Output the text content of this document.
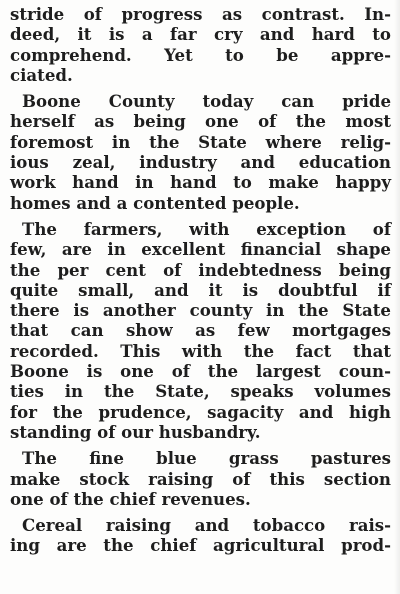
stride of progress as contrast. In-
deed, it is a far cry and hard to
comprehend. Yet to be appre-
ciated.

Boone County today can pride
herself as being one of the most
foremost in the State where relig-
ious zeal, industry and education
work hand in hand to make happy
homes and a contented people.

The farmers, with exception of
few, are in excellent financial shape
the per cent of indebtedness being
quite small, and it is doubtful if
there is another county in the State
that can show as few mortgages
recorded. This with the fact that
Boone is one of the largest coun-
ties in the State, speaks volumes
for the prudence, sagacity and high
standing of our husbandry.

The fine blue grass pastures
make stock raising of this section
one of the chief revenues.

Cereal raising and tobacco rais-
ing are the chief agricultural prod-
